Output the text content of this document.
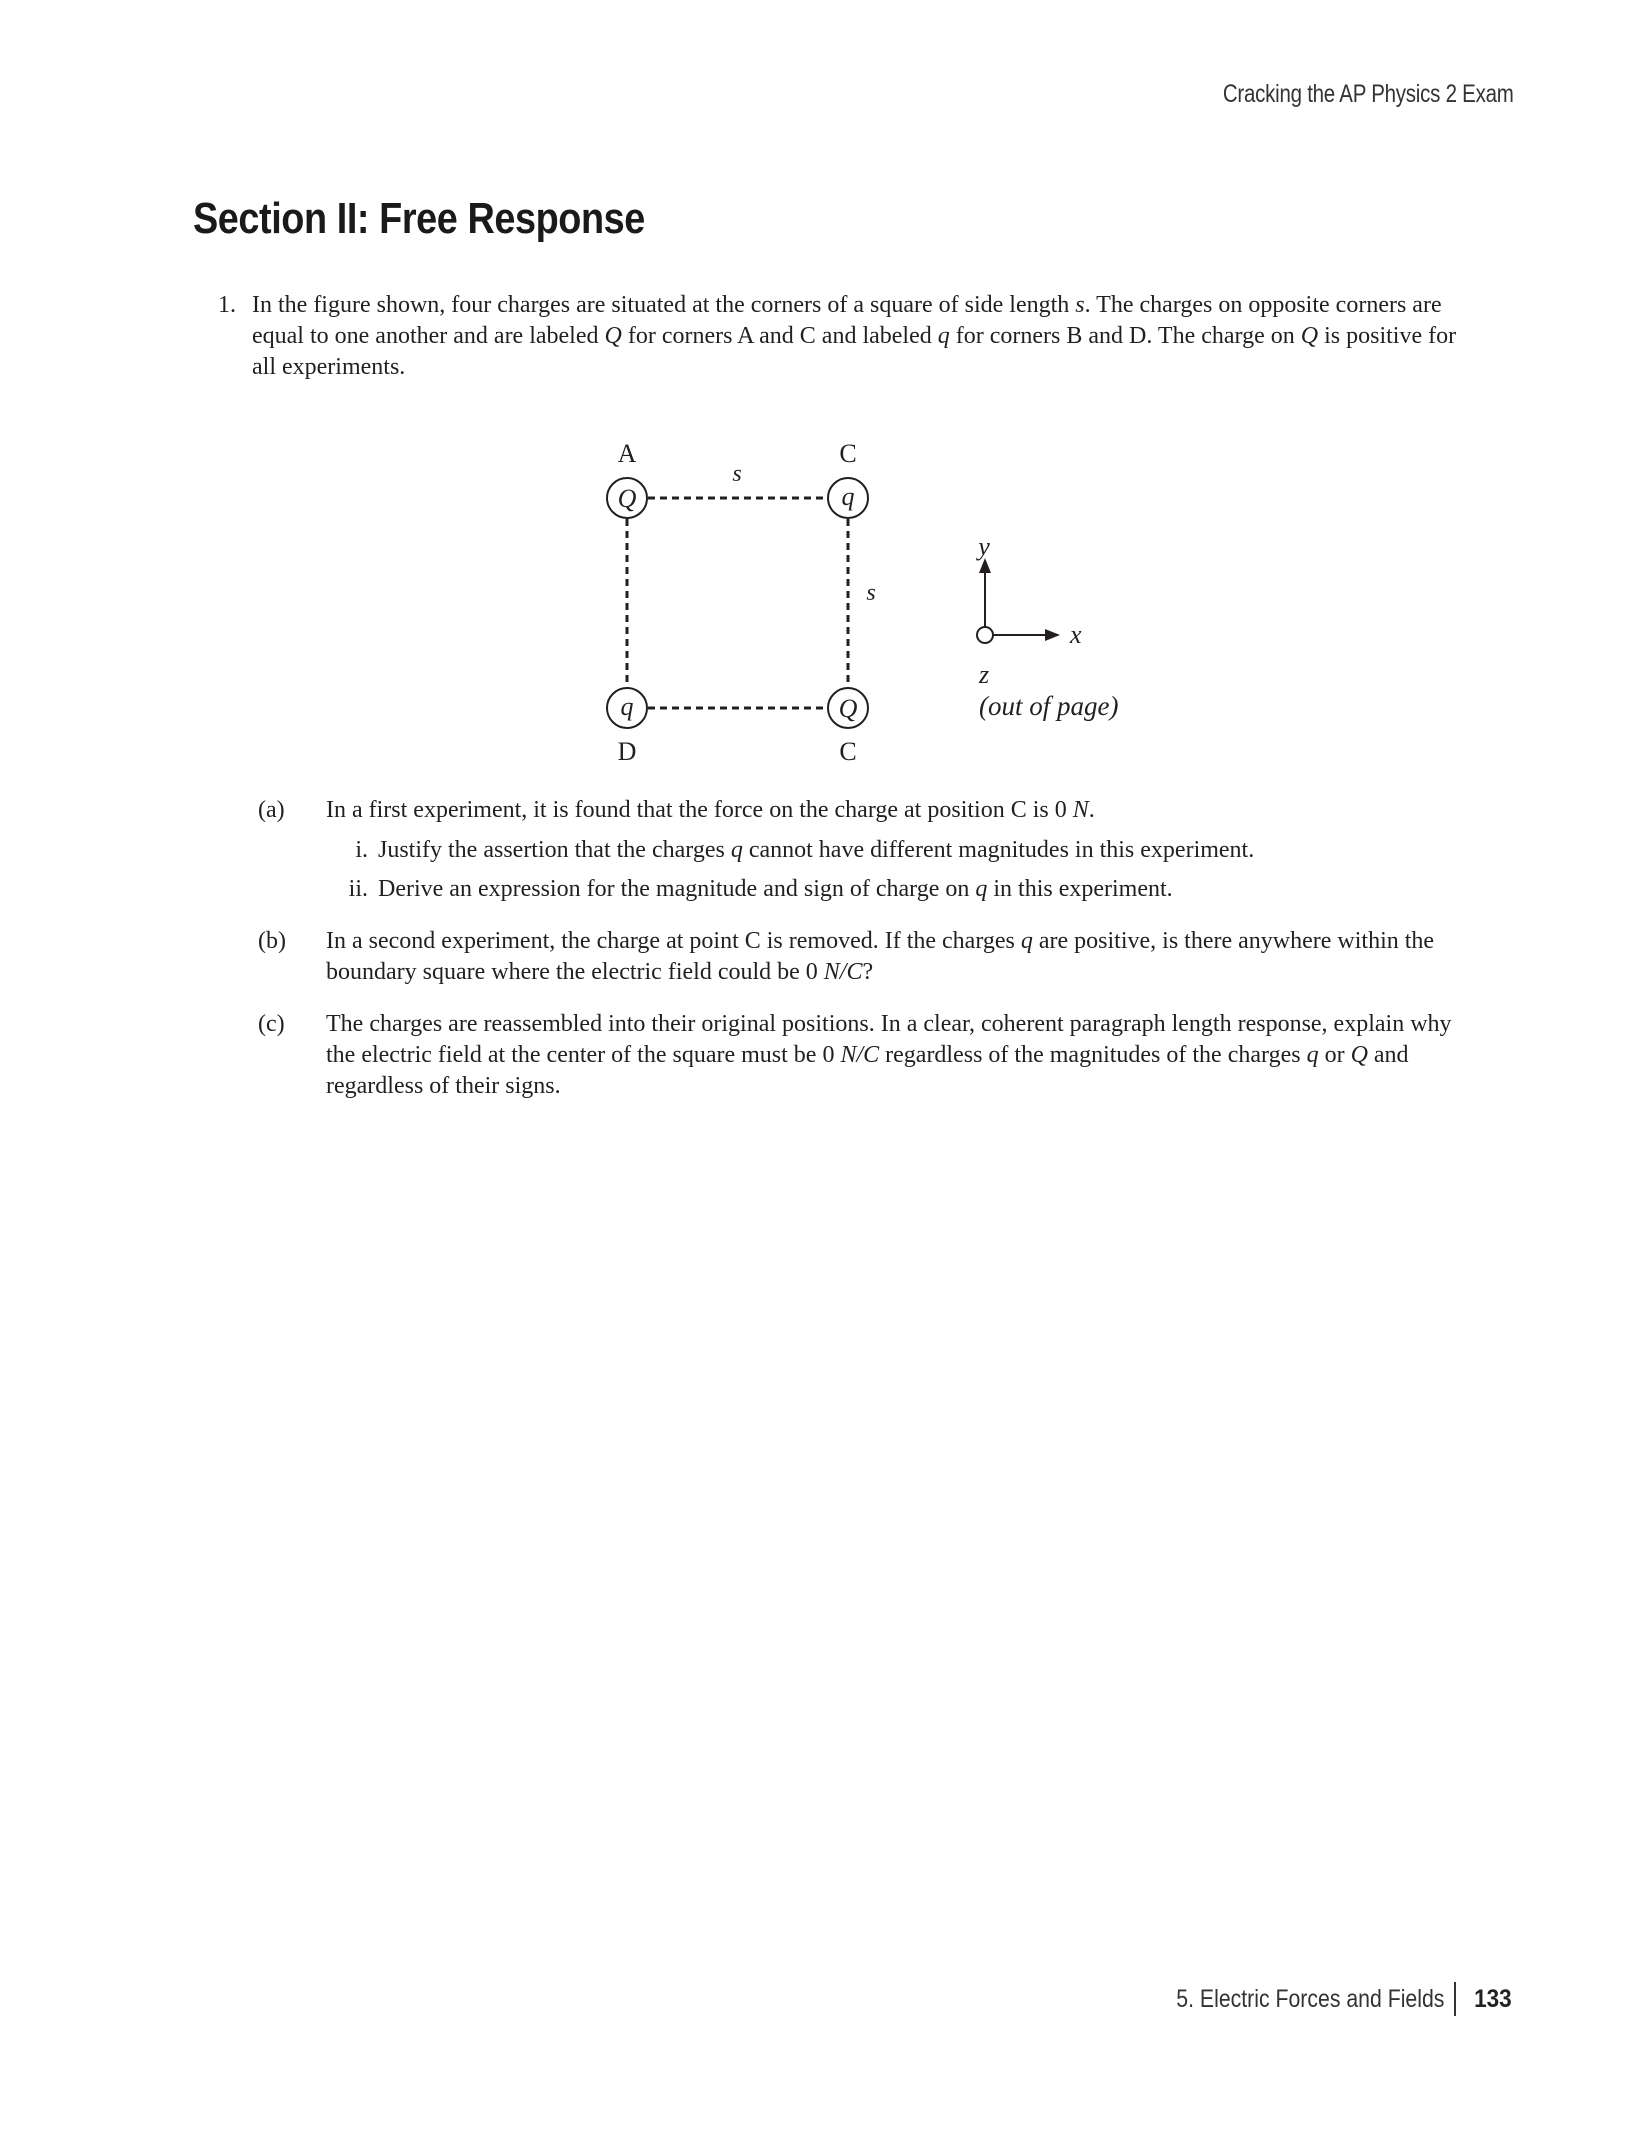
Cracking the AP Physics 2 Exam
Section II: Free Response
1. In the figure shown, four charges are situated at the corners of a square of side length s. The charges on opposite corners are equal to one another and are labeled Q for corners A and C and labeled q for corners B and D. The charge on Q is positive for all experiments.
Q	q
Q
q
A	C
C
D
s
s
y
x
z
(out of page)
(a) In a first experiment, it is found that the force on the charge at position C is 0 N.
i. Justify the assertion that the charges q cannot have different magnitudes in this experiment.
ii. Derive an expression for the magnitude and sign of charge on q in this experiment.
(b) In a second experiment, the charge at point C is removed. If the charges q are positive, is there anywhere within the boundary square where the electric field could be 0 N/C?
(c) The charges are reassembled into their original positions. In a clear, coherent paragraph length response, explain why the electric field at the center of the square must be 0 N/C regardless of the magnitudes of the charges q or Q and regardless of their signs.
5. Electric Forces and Fields 133
